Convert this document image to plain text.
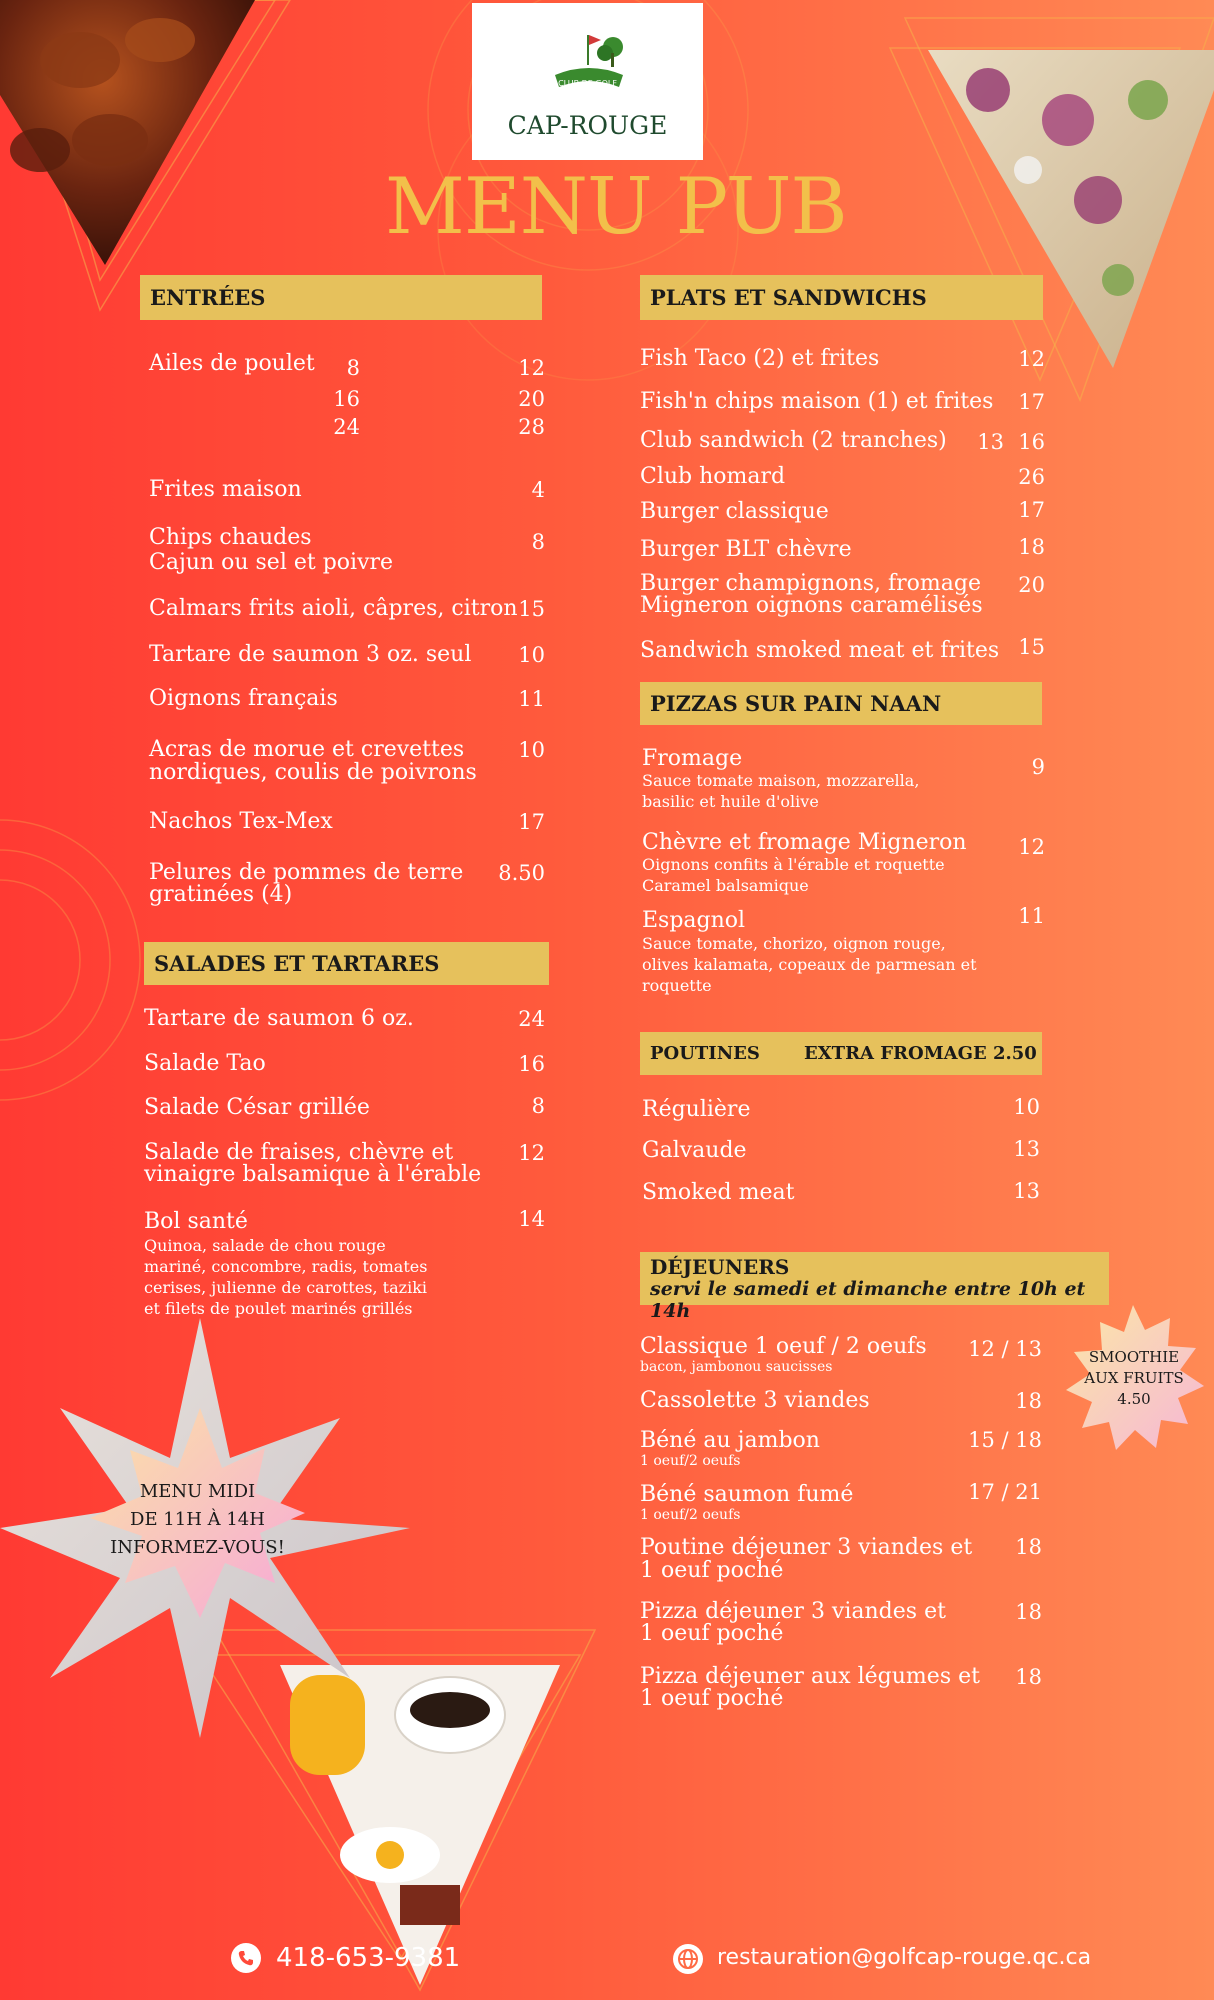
CLUB DE GOLF
CAP-ROUGE
MENU PUB
ENTRÉES
Ailes de poulet	8	12
16	20
24	28
Frites maison	4
Chips chaudes
Cajun ou sel et poivre
8
Calmars frits aioli, câpres, citron 15
Tartare de saumon 3 oz. seul	10
Oignons français	11
Acras de morue et crevettes
nordiques, coulis de poivrons
10
Nachos Tex-Mex	17
Pelures de pommes de terre
gratinées (4)
8.50
SALADES ET TARTARES
Tartare de saumon 6 oz.	24
Salade Tao	16
Salade César grillée	8
Salade de fraises, chèvre et
vinaigre balsamique à l'érable
12
Bol santé	14
Quinoa, salade de chou rouge
mariné, concombre, radis, tomates
cerises, julienne de carottes, taziki
et filets de poulet marinés grillés
PLATS ET SANDWICHS
Fish Taco (2) et frites	12
Fish'n chips maison (1) et frites	17
Club sandwich (2 tranches)	13 16
Club homard	26
Burger classique	17
Burger BLT chèvre	18
Burger champignons, fromage
Migneron oignons caramélisés
20
Sandwich smoked meat et frites 15
PIZZAS SUR PAIN NAAN
Fromage
Sauce tomate maison, mozzarella,
basilic et huile d'olive
9
Chèvre et fromage Migneron
Oignons confits à l'érable et roquette
Caramel balsamique
12
Espagnol
Sauce tomate, chorizo, oignon rouge,
olives kalamata, copeaux de parmesan et
roquette
11
POUTINES EXTRA FROMAGE 2.50
Régulière	10
Galvaude	13
Smoked meat	13
DÉJEUNERS
servi le samedi et dimanche entre 10h et 14h
Classique 1 oeuf / 2 oeufs
bacon, jambonou saucisses
12 / 13
Cassolette 3 viandes	18
Béné au jambon
1 oeuf/2 oeufs
15 / 18
Béné saumon fumé
1 oeuf/2 oeufs
17 / 21
Poutine déjeuner 3 viandes et
1 oeuf poché
18
Pizza déjeuner 3 viandes et
1 oeuf poché
18
Pizza déjeuner aux légumes et
1 oeuf poché
18
SMOOTHIE
AUX FRUITS
4.50
MENU MIDI
DE 11H À 14H
INFORMEZ-VOUS!
418-653-9381	restauration@golfcap-rouge.qc.ca
